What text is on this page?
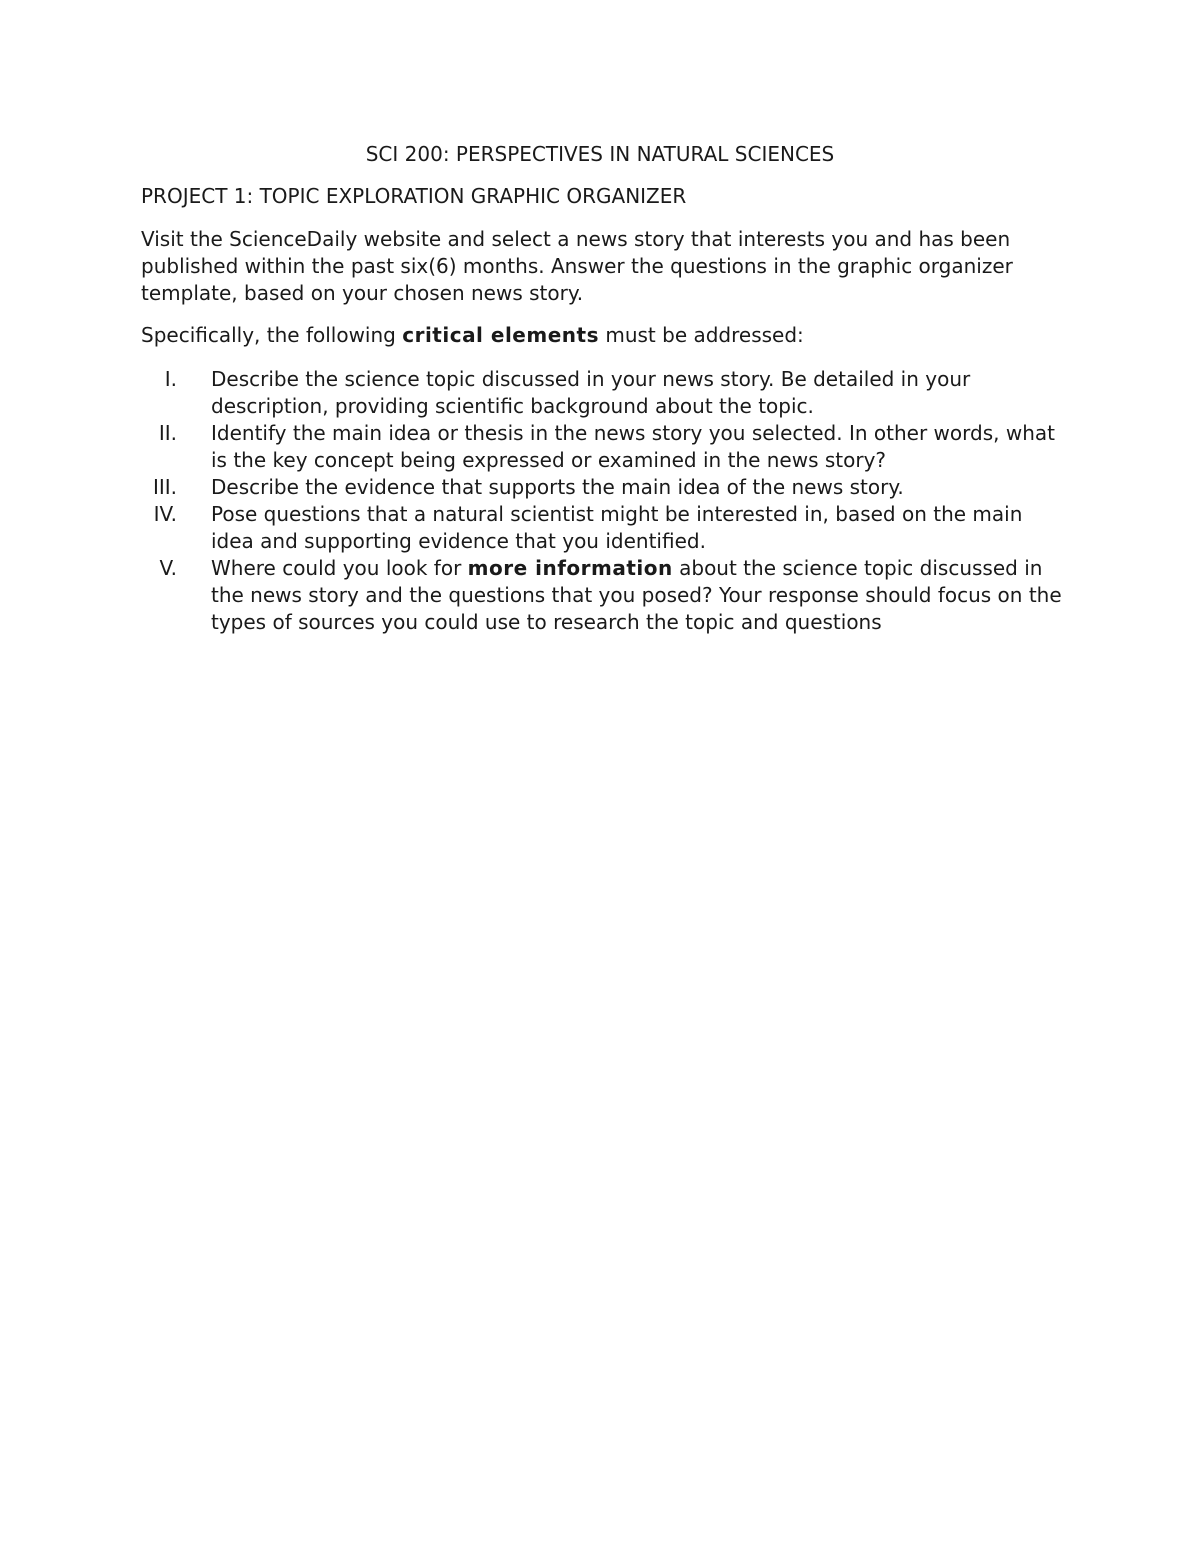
SCI 200: PERSPECTIVES IN NATURAL SCIENCES
PROJECT 1: TOPIC EXPLORATION GRAPHIC ORGANIZER

Visit the ScienceDaily website and select a news story that interests you and has been published within the past six(6) months. Answer the questions in the graphic organizer template, based on your chosen news story.

Specifically, the following critical elements must be addressed:

I. Describe the science topic discussed in your news story. Be detailed in your description, providing scientific background about the topic.
II. Identify the main idea or thesis in the news story you selected. In other words, what is the key concept being expressed or examined in the news story?
III. Describe the evidence that supports the main idea of the news story.
IV. Pose questions that a natural scientist might be interested in, based on the main idea and supporting evidence that you identified.
V. Where could you look for more information about the science topic discussed in the news story and the questions that you posed? Your response should focus on the types of sources you could use to research the topic and questions
